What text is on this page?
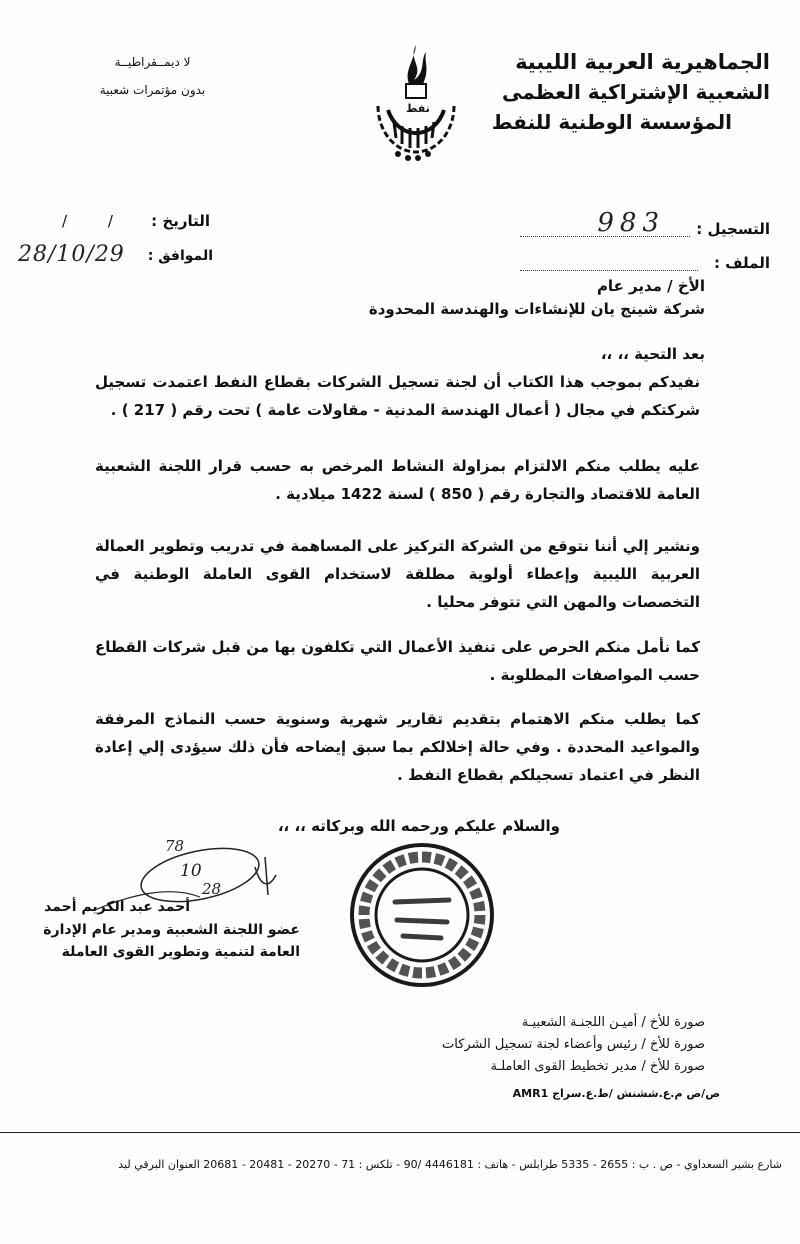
الجماهيرية العربية الليبية
الشعبية الإشتراكية العظمى
المؤسسة الوطنية للنفط
نفط
لا ديمــقراطيــة
بدون مؤتمرات شعبية
التسجيل :
983
الملف :
التاريخ :
/ /
الموافق :
28/10/29
الأخ / مدير عام
شركة شينج يان للإنشاءات والهندسة المحدودة
بعد التحية ،، ،،
نفيدكم بموجب هذا الكتاب أن لجنة تسجيل الشركات بقطاع النفط اعتمدت تسجيل شركتكم في مجال ( أعمال الهندسة المدنية - مقاولات عامة ) تحت رقم ( 217 ) .
عليه يطلب منكم الالتزام بمزاولة النشاط المرخص به حسب قرار اللجنة الشعبية العامة للاقتصاد والتجارة رقم ( 850 ) لسنة 1422 ميلادية .
ونشير إلي أننا نتوقع من الشركة التركيز على المساهمة في تدريب وتطوير العمالة العربية الليبية وإعطاء أولوية مطلقة لاستخدام القوى العاملة الوطنية في التخصصات والمهن التي تتوفر محليا .
كما نأمل منكم الحرص على تنفيذ الأعمال التي تكلفون بها من قبل شركات القطاع حسب المواصفات المطلوبة .
كما يطلب منكم الاهتمام بتقديم تقارير شهرية وسنوية حسب النماذج المرفقة والمواعيد المحددة . وفي حالة إخلالكم بما سبق إيضاحه فأن ذلك سيؤدى إلي إعادة النظر في اعتماد تسجيلكم بقطاع النفط .
والسلام عليكم ورحمه الله وبركاته ،، ،،
78
10
28
أحمد عبد الكريم أحمد
عضو اللجنة الشعبية ومدير عام الإدارة
العامة لتنمية وتطوير القوى العاملة
صورة للأخ / أميـن اللجنـة الشعبيـة
صورة للأخ / رئيس وأعضاء لجنة تسجيل الشركات
صورة للأخ / مدير تخطيط القوى العاملـة
ص/ص م.ع.ششنش /ط.ع.سراج AMR1
شارع بشير السعداوي - ص . ب : 2655 - 5335 طرابلس - هاتف : 4446181 /90 - تلكس : 71 - 20270 - 20481 - 20681 العنوان البرقي ليد
